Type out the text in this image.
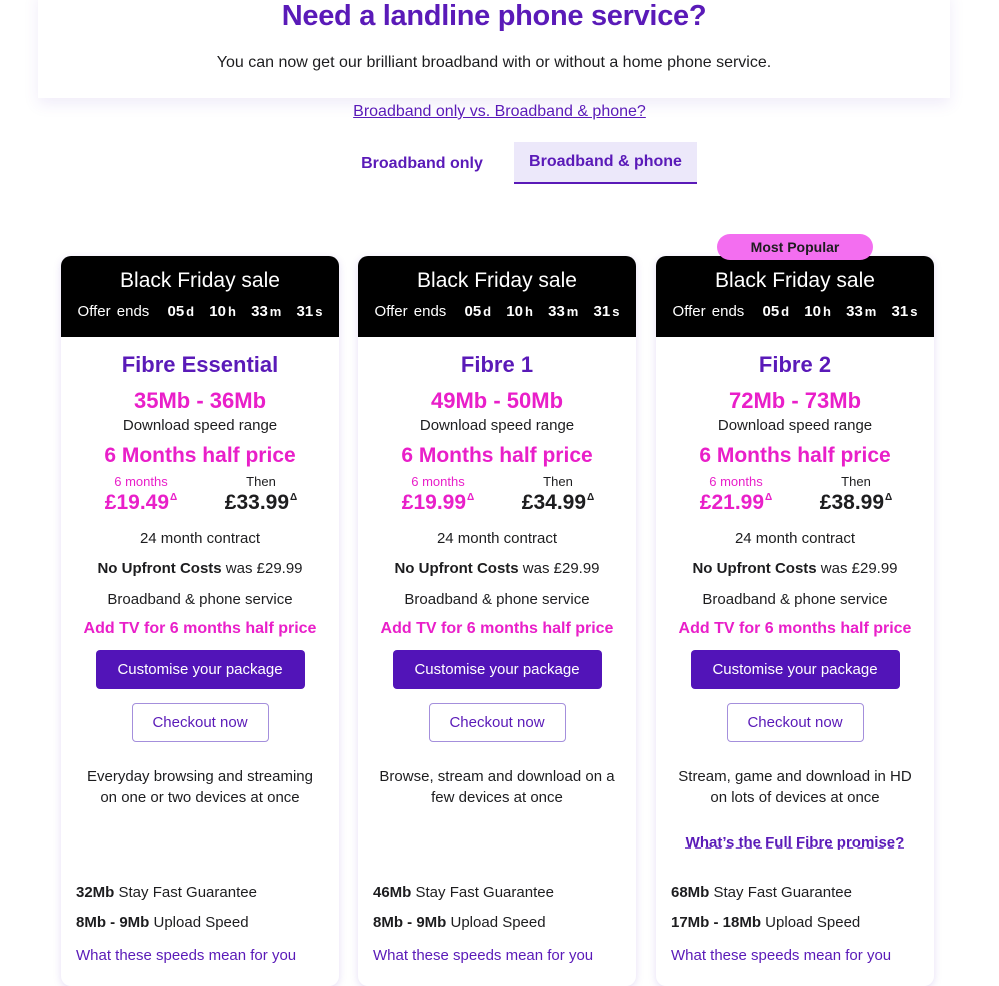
Need a landline phone service?
You can now get our brilliant broadband with or without a home phone service.
Broadband only vs. Broadband & phone?
Broadband only	Broadband & phone
Black Friday sale
Offer ends 05 d 10 h 33 m 31 s
Fibre Essential
35Mb - 36Mb
Download speed range
6 Months half price
6 months
$£19.49^\Delta$
Then
$£33.99^\Delta$
24 month contract
No Upfront Costs was £29.99
Broadband & phone service
Add TV for 6 months half price
Customise your package
Checkout now
Everyday browsing and streaming on one or two devices at once
32Mb Stay Fast Guarantee
8Mb - 9Mb Upload Speed
What these speeds mean for you
Black Friday sale
Offer ends 05 d 10 h 33 m 31 s
Fibre 1
49Mb - 50Mb
Download speed range
6 Months half price
6 months
$£19.99^\Delta$
Then
$£34.99^\Delta$
24 month contract
No Upfront Costs was £29.99
Broadband & phone service
Add TV for 6 months half price
Customise your package
Checkout now
Browse, stream and download on a few devices at once
46Mb Stay Fast Guarantee
8Mb - 9Mb Upload Speed
What these speeds mean for you
Most Popular
Black Friday sale
Offer ends 05 d 10 h 33 m 31 s
Fibre 2
72Mb - 73Mb
Download speed range
6 Months half price
6 months
$£21.99^\Delta$
Then
$£38.99^\Delta$
24 month contract
No Upfront Costs was £29.99
Broadband & phone service
Add TV for 6 months half price
Customise your package
Checkout now
Stream, game and download in HD on lots of devices at once
What’s the Full Fibre promise?
68Mb Stay Fast Guarantee
17Mb - 18Mb Upload Speed
What these speeds mean for you
